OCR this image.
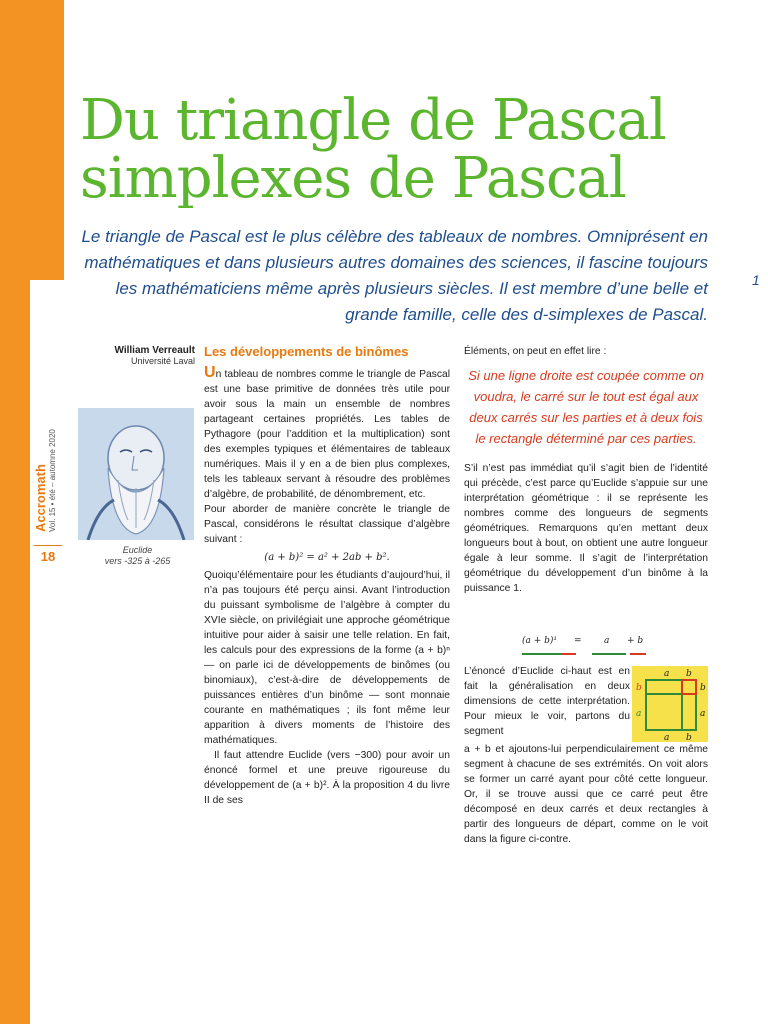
DossierApplications
Accromath Vol. 15 • été – automne 2020
18
Du triangle de Pascal
simplexes de Pascal
Le triangle de Pascal est le plus célèbre des tableaux de nombres. Omniprésent en mathématiques et dans plusieurs autres domaines des sciences, il fascine toujours les mathématiciens même après plusieurs siècles. Il est membre d’une belle et grande famille, celle des d-simplexes de Pascal.
1
William Verreault
Université Laval
Euclide
vers -325 à -265
Les développements de binômes

Un tableau de nombres comme le triangle de Pascal est une base primitive de données très utile pour avoir sous la main un ensemble de nombres partageant certaines propriétés. Les tables de Pythagore (pour l’addition et la multiplication) sont des exemples typiques et élémentaires de tableaux numériques. Mais il y en a de bien plus complexes, tels les tableaux servant à résoudre des problèmes d’algèbre, de probabilité, de dénombrement, etc.

Pour aborder de manière concrète le triangle de Pascal, considérons le résultat classique d’algèbre suivant :

(a + b)² = a² + 2ab + b².

Quoiqu’élémentaire pour les étudiants d’aujourd’hui, il n’a pas toujours été perçu ainsi. Avant l’introduction du puissant symbolisme de l’algèbre à compter du XVIe siècle, on privilégiait une approche géométrique intuitive pour aider à saisir une telle relation. En fait, les calculs pour des expressions de la forme (a + b)ⁿ — on parle ici de développements de binômes (ou binomiaux), c’est-à-dire de développements de puissances entières d’un binôme — sont monnaie courante en mathématiques ; ils font même leur apparition à divers moments de l’histoire des mathématiques.

Il faut attendre Euclide (vers −300) pour avoir un énoncé formel et une preuve rigoureuse du développement de (a + b)². À la proposition 4 du livre II de ses

Éléments, on peut en effet lire :

Si une ligne droite est coupée comme on voudra, le carré sur le tout est égal aux deux carrés sur les parties et à deux fois le rectangle déterminé par ces parties.

S’il n’est pas immédiat qu’il s’agit bien de l’identité qui précède, c’est parce qu’Euclide s’appuie sur une interprétation géométrique : il se représente les nombres comme des longueurs de segments géométriques. Remarquons qu’en mettant deux longueurs bout à bout, on obtient une autre longueur égale à leur somme. Il s’agit de l’interprétation géométrique du développement d’un binôme à la puissance 1.

(a + b)¹ = a + b

L’énoncé d’Euclide ci-haut est en fait la généralisation en deux dimensions de cette interprétation. Pour mieux le voir, partons du segment

a + b et ajoutons-lui perpendiculairement ce même segment à chacune de ses extrémités. On voit alors se former un carré ayant pour côté cette longueur. Or, il se trouve aussi que ce carré peut être décomposé en deux carrés et deux rectangles à partir des longueurs de départ, comme on le voit dans la figure ci-contre.

a b
b
a
b
a
a b
